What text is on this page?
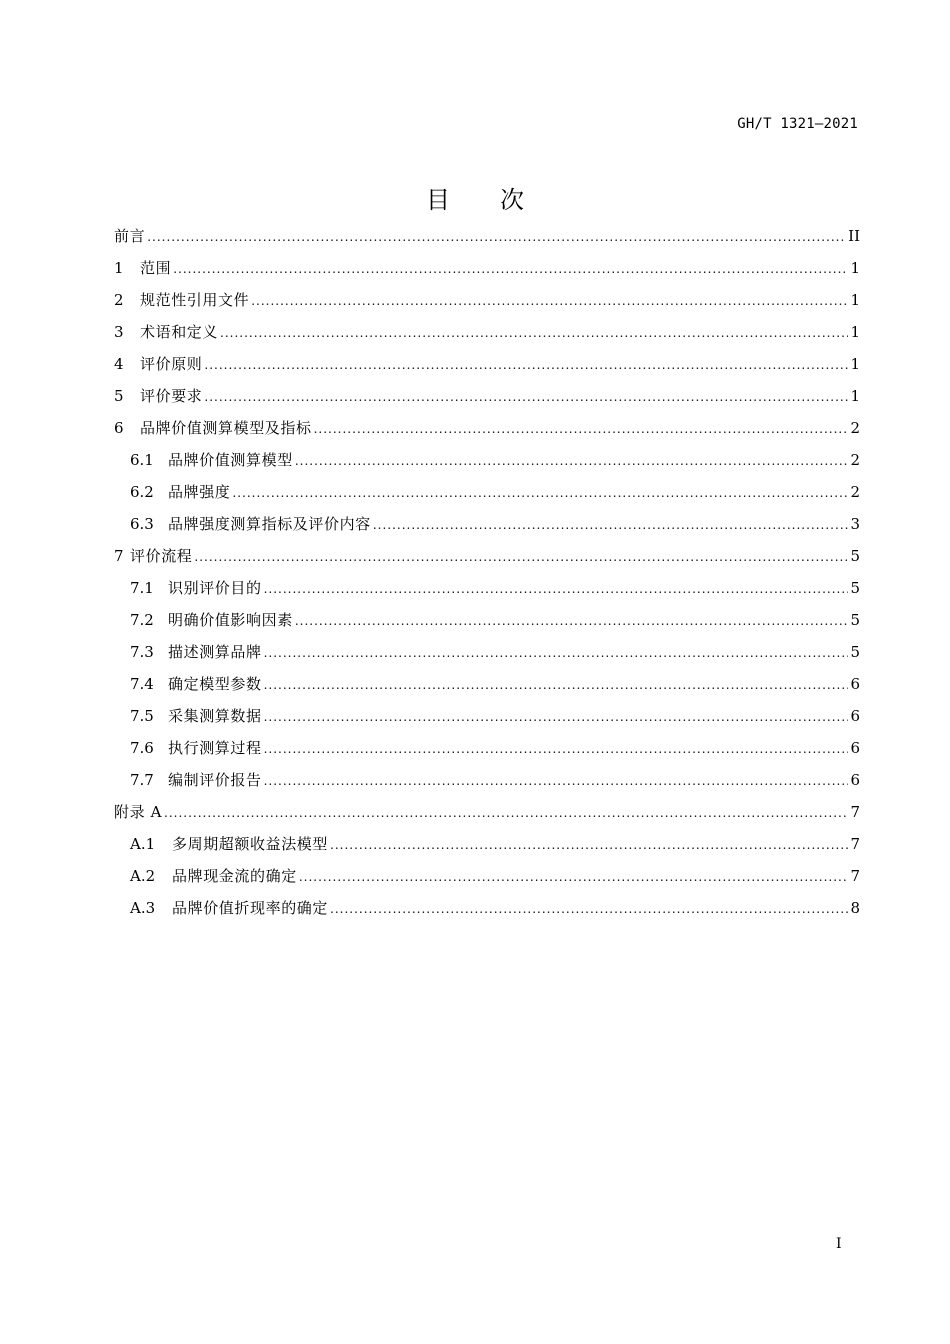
GH/T 1321—2021
目 次
前言 .....	II
1	范围 .....	1
2	规范性引用文件 .....	1
3	术语和定义 .....	1
4	评价原则 .....	1
5	评价要求 .....	1
6	品牌价值测算模型及指标 .....	2
6.1 品牌价值测算模型 .....	2
6.2 品牌强度 .....	2
6.3 品牌强度测算指标及评价内容 .....	3
7 评价流程 .....	5
7.1 识别评价目的 .....	5
7.2 明确价值影响因素 .....	5
7.3 描述测算品牌 .....	5
7.4 确定模型参数 .....	6
7.5 采集测算数据 .....	6
7.6 执行测算过程 .....	6
7.7 编制评价报告 .....	6
附录 A .....	7
A.1	多周期超额收益法模型 .....	7
A.2	品牌现金流的确定 .....	7
A.3	品牌价值折现率的确定 .....	8
I
